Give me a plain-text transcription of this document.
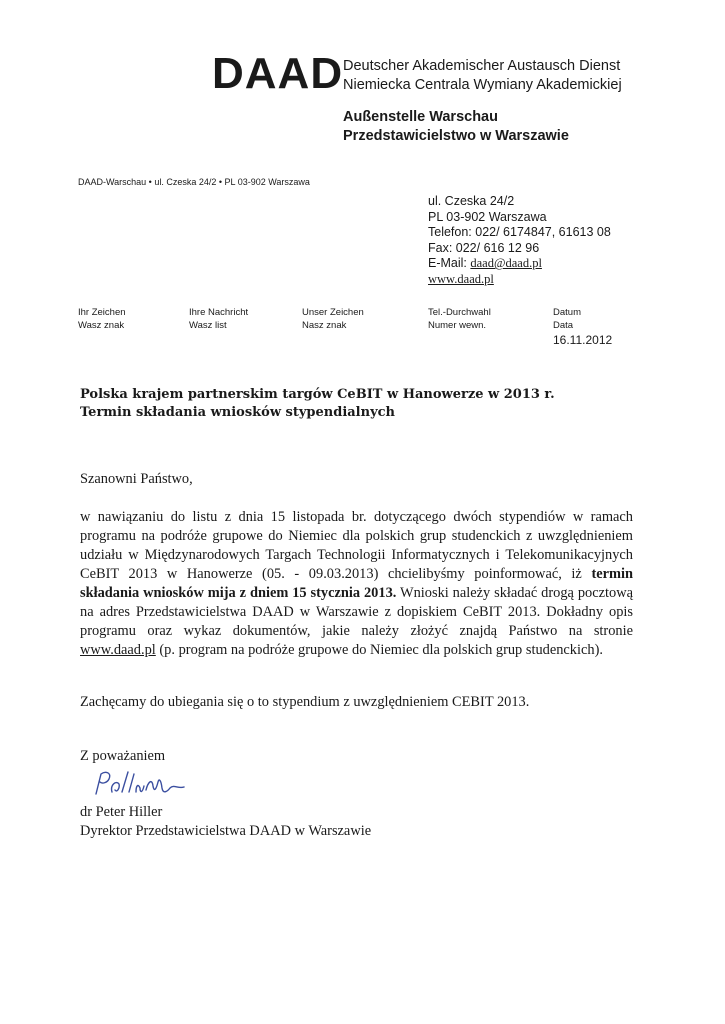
DAAD Deutscher Akademischer Austausch Dienst
Niemiecka Centrala Wymiany Akademickiej
Außenstelle Warschau
Przedstawicielstwo w Warszawie
DAAD-Warschau • ul. Czeska 24/2 • PL 03-902 Warszawa
ul. Czeska 24/2
PL 03-902 Warszawa
Telefon: 022/ 6174847, 61613 08
Fax: 022/ 616 12 96
E-Mail: daad@daad.pl
www.daad.pl
Ihr Zeichen
Wasz znak
Ihre Nachricht
Wasz list
Unser Zeichen
Nasz znak
Tel.-Durchwahl
Numer wewn.
Datum
Data
16.11.2012
Polska krajem partnerskim targów CeBIT w Hanowerze w 2013 r.
Termin składania wniosków stypendialnych
Szanowni Państwo,
w nawiązaniu do listu z dnia 15 listopada br. dotyczącego dwóch stypendiów w ramach programu na podróże grupowe do Niemiec dla polskich grup studenckich z uwzględnieniem udziału w Międzynarodowych Targach Technologii Informatycznych i Telekomunikacyjnych CeBIT 2013 w Hanowerze (05. - 09.03.2013) chcielibyśmy poinformować, iż termin składania wniosków mija z dniem 15 stycznia 2013. Wnioski należy składać drogą pocztową na adres Przedstawicielstwa DAAD w Warszawie z dopiskiem CeBIT 2013. Dokładny opis programu oraz wykaz dokumentów, jakie należy złożyć znajdą Państwo na stronie www.daad.pl (p. program na podróże grupowe do Niemiec dla polskich grup studenckich).
Zachęcamy do ubiegania się o to stypendium z uwzględnieniem CEBIT 2013.
Z poważaniem
dr Peter Hiller
Dyrektor Przedstawicielstwa DAAD w Warszawie
